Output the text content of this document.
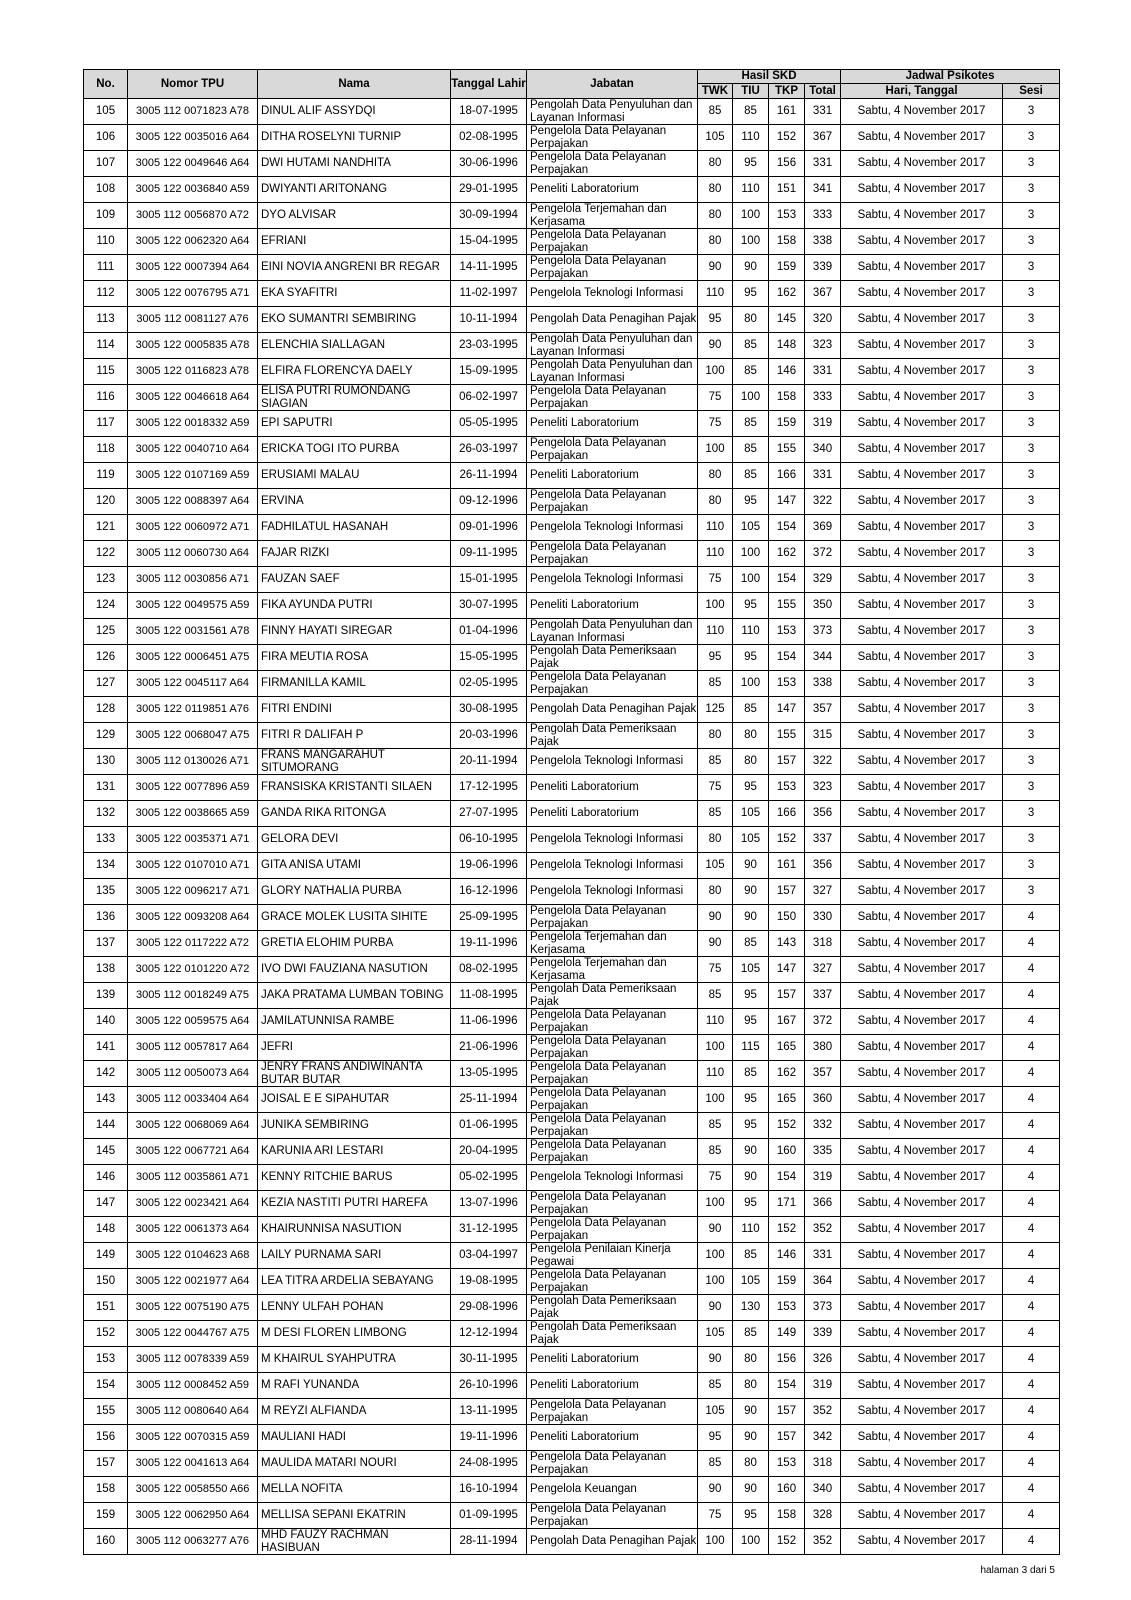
No.	Nomor TPU	Nama	Tanggal Lahir	Jabatan	Hasil SKD				Jadwal Psikotes	
					TWK	TIU	TKP	Total	Hari, Tanggal	Sesi
105	3005 112 0071823 A78	DINUL ALIF ASSYDQI	18-07-1995	Pengolah Data Penyuluhan dan Layanan Informasi	85	85	161	331	Sabtu, 4 November 2017	3
106	3005 122 0035016 A64	DITHA ROSELYNI TURNIP	02-08-1995	Pengelola Data Pelayanan Perpajakan	105	110	152	367	Sabtu, 4 November 2017	3
107	3005 122 0049646 A64	DWI HUTAMI NANDHITA	30-06-1996	Pengelola Data Pelayanan Perpajakan	80	95	156	331	Sabtu, 4 November 2017	3
108	3005 122 0036840 A59	DWIYANTI ARITONANG	29-01-1995	Peneliti Laboratorium	80	110	151	341	Sabtu, 4 November 2017	3
109	3005 112 0056870 A72	DYO ALVISAR	30-09-1994	Pengelola Terjemahan dan Kerjasama	80	100	153	333	Sabtu, 4 November 2017	3
110	3005 122 0062320 A64	EFRIANI	15-04-1995	Pengelola Data Pelayanan Perpajakan	80	100	158	338	Sabtu, 4 November 2017	3
111	3005 122 0007394 A64	EINI NOVIA ANGRENI BR REGAR	14-11-1995	Pengelola Data Pelayanan Perpajakan	90	90	159	339	Sabtu, 4 November 2017	3
112	3005 122 0076795 A71	EKA SYAFITRI	11-02-1997	Pengelola Teknologi Informasi	110	95	162	367	Sabtu, 4 November 2017	3
113	3005 112 0081127 A76	EKO SUMANTRI SEMBIRING	10-11-1994	Pengolah Data Penagihan Pajak	95	80	145	320	Sabtu, 4 November 2017	3
114	3005 122 0005835 A78	ELENCHIA SIALLAGAN	23-03-1995	Pengolah Data Penyuluhan dan Layanan Informasi	90	85	148	323	Sabtu, 4 November 2017	3
115	3005 122 0116823 A78	ELFIRA FLORENCYA DAELY	15-09-1995	Pengolah Data Penyuluhan dan Layanan Informasi	100	85	146	331	Sabtu, 4 November 2017	3
116	3005 122 0046618 A64	ELISA PUTRI RUMONDANG SIAGIAN	06-02-1997	Pengelola Data Pelayanan Perpajakan	75	100	158	333	Sabtu, 4 November 2017	3
117	3005 122 0018332 A59	EPI SAPUTRI	05-05-1995	Peneliti Laboratorium	75	85	159	319	Sabtu, 4 November 2017	3
118	3005 122 0040710 A64	ERICKA TOGI ITO PURBA	26-03-1997	Pengelola Data Pelayanan Perpajakan	100	85	155	340	Sabtu, 4 November 2017	3
119	3005 122 0107169 A59	ERUSIAMI MALAU	26-11-1994	Peneliti Laboratorium	80	85	166	331	Sabtu, 4 November 2017	3
120	3005 122 0088397 A64	ERVINA	09-12-1996	Pengelola Data Pelayanan Perpajakan	80	95	147	322	Sabtu, 4 November 2017	3
121	3005 122 0060972 A71	FADHILATUL HASANAH	09-01-1996	Pengelola Teknologi Informasi	110	105	154	369	Sabtu, 4 November 2017	3
122	3005 112 0060730 A64	FAJAR RIZKI	09-11-1995	Pengelola Data Pelayanan Perpajakan	110	100	162	372	Sabtu, 4 November 2017	3
123	3005 112 0030856 A71	FAUZAN SAEF	15-01-1995	Pengelola Teknologi Informasi	75	100	154	329	Sabtu, 4 November 2017	3
124	3005 122 0049575 A59	FIKA AYUNDA PUTRI	30-07-1995	Peneliti Laboratorium	100	95	155	350	Sabtu, 4 November 2017	3
125	3005 122 0031561 A78	FINNY HAYATI SIREGAR	01-04-1996	Pengolah Data Penyuluhan dan Layanan Informasi	110	110	153	373	Sabtu, 4 November 2017	3
126	3005 122 0006451 A75	FIRA MEUTIA ROSA	15-05-1995	Pengolah Data Pemeriksaan Pajak	95	95	154	344	Sabtu, 4 November 2017	3
127	3005 122 0045117 A64	FIRMANILLA KAMIL	02-05-1995	Pengelola Data Pelayanan Perpajakan	85	100	153	338	Sabtu, 4 November 2017	3
128	3005 122 0119851 A76	FITRI ENDINI	30-08-1995	Pengolah Data Penagihan Pajak	125	85	147	357	Sabtu, 4 November 2017	3
129	3005 122 0068047 A75	FITRI R DALIFAH P	20-03-1996	Pengolah Data Pemeriksaan Pajak	80	80	155	315	Sabtu, 4 November 2017	3
130	3005 112 0130026 A71	FRANS MANGARAHUT SITUMORANG	20-11-1994	Pengelola Teknologi Informasi	85	80	157	322	Sabtu, 4 November 2017	3
131	3005 122 0077896 A59	FRANSISKA KRISTANTI SILAEN	17-12-1995	Peneliti Laboratorium	75	95	153	323	Sabtu, 4 November 2017	3
132	3005 122 0038665 A59	GANDA RIKA RITONGA	27-07-1995	Peneliti Laboratorium	85	105	166	356	Sabtu, 4 November 2017	3
133	3005 122 0035371 A71	GELORA DEVI	06-10-1995	Pengelola Teknologi Informasi	80	105	152	337	Sabtu, 4 November 2017	3
134	3005 122 0107010 A71	GITA ANISA UTAMI	19-06-1996	Pengelola Teknologi Informasi	105	90	161	356	Sabtu, 4 November 2017	3
135	3005 122 0096217 A71	GLORY NATHALIA PURBA	16-12-1996	Pengelola Teknologi Informasi	80	90	157	327	Sabtu, 4 November 2017	3
136	3005 122 0093208 A64	GRACE MOLEK LUSITA SIHITE	25-09-1995	Pengelola Data Pelayanan Perpajakan	90	90	150	330	Sabtu, 4 November 2017	4
137	3005 122 0117222 A72	GRETIA ELOHIM PURBA	19-11-1996	Pengelola Terjemahan dan Kerjasama	90	85	143	318	Sabtu, 4 November 2017	4
138	3005 122 0101220 A72	IVO DWI FAUZIANA NASUTION	08-02-1995	Pengelola Terjemahan dan Kerjasama	75	105	147	327	Sabtu, 4 November 2017	4
139	3005 112 0018249 A75	JAKA PRATAMA LUMBAN TOBING	11-08-1995	Pengolah Data Pemeriksaan Pajak	85	95	157	337	Sabtu, 4 November 2017	4
140	3005 122 0059575 A64	JAMILATUNNISA RAMBE	11-06-1996	Pengelola Data Pelayanan Perpajakan	110	95	167	372	Sabtu, 4 November 2017	4
141	3005 112 0057817 A64	JEFRI	21-06-1996	Pengelola Data Pelayanan Perpajakan	100	115	165	380	Sabtu, 4 November 2017	4
142	3005 112 0050073 A64	JENRY FRANS ANDIWINANTA BUTAR BUTAR	13-05-1995	Pengelola Data Pelayanan Perpajakan	110	85	162	357	Sabtu, 4 November 2017	4
143	3005 112 0033404 A64	JOISAL E E SIPAHUTAR	25-11-1994	Pengelola Data Pelayanan Perpajakan	100	95	165	360	Sabtu, 4 November 2017	4
144	3005 122 0068069 A64	JUNIKA SEMBIRING	01-06-1995	Pengelola Data Pelayanan Perpajakan	85	95	152	332	Sabtu, 4 November 2017	4
145	3005 122 0067721 A64	KARUNIA ARI LESTARI	20-04-1995	Pengelola Data Pelayanan Perpajakan	85	90	160	335	Sabtu, 4 November 2017	4
146	3005 112 0035861 A71	KENNY RITCHIE BARUS	05-02-1995	Pengelola Teknologi Informasi	75	90	154	319	Sabtu, 4 November 2017	4
147	3005 122 0023421 A64	KEZIA NASTITI PUTRI HAREFA	13-07-1996	Pengelola Data Pelayanan Perpajakan	100	95	171	366	Sabtu, 4 November 2017	4
148	3005 122 0061373 A64	KHAIRUNNISA NASUTION	31-12-1995	Pengelola Data Pelayanan Perpajakan	90	110	152	352	Sabtu, 4 November 2017	4
149	3005 122 0104623 A68	LAILY PURNAMA SARI	03-04-1997	Pengelola Penilaian Kinerja Pegawai	100	85	146	331	Sabtu, 4 November 2017	4
150	3005 122 0021977 A64	LEA TITRA ARDELIA SEBAYANG	19-08-1995	Pengelola Data Pelayanan Perpajakan	100	105	159	364	Sabtu, 4 November 2017	4
151	3005 122 0075190 A75	LENNY ULFAH POHAN	29-08-1996	Pengolah Data Pemeriksaan Pajak	90	130	153	373	Sabtu, 4 November 2017	4
152	3005 122 0044767 A75	M DESI FLOREN LIMBONG	12-12-1994	Pengolah Data Pemeriksaan Pajak	105	85	149	339	Sabtu, 4 November 2017	4
153	3005 112 0078339 A59	M KHAIRUL SYAHPUTRA	30-11-1995	Peneliti Laboratorium	90	80	156	326	Sabtu, 4 November 2017	4
154	3005 112 0008452 A59	M RAFI YUNANDA	26-10-1996	Peneliti Laboratorium	85	80	154	319	Sabtu, 4 November 2017	4
155	3005 112 0080640 A64	M REYZI ALFIANDA	13-11-1995	Pengelola Data Pelayanan Perpajakan	105	90	157	352	Sabtu, 4 November 2017	4
156	3005 122 0070315 A59	MAULIANI HADI	19-11-1996	Peneliti Laboratorium	95	90	157	342	Sabtu, 4 November 2017	4
157	3005 122 0041613 A64	MAULIDA MATARI NOURI	24-08-1995	Pengelola Data Pelayanan Perpajakan	85	80	153	318	Sabtu, 4 November 2017	4
158	3005 122 0058550 A66	MELLA NOFITA	16-10-1994	Pengelola Keuangan	90	90	160	340	Sabtu, 4 November 2017	4
159	3005 122 0062950 A64	MELLISA SEPANI EKATRIN	01-09-1995	Pengelola Data Pelayanan Perpajakan	75	95	158	328	Sabtu, 4 November 2017	4
160	3005 112 0063277 A76	MHD FAUZY RACHMAN HASIBUAN	28-11-1994	Pengolah Data Penagihan Pajak	100	100	152	352	Sabtu, 4 November 2017	4
halaman 3 dari 5
